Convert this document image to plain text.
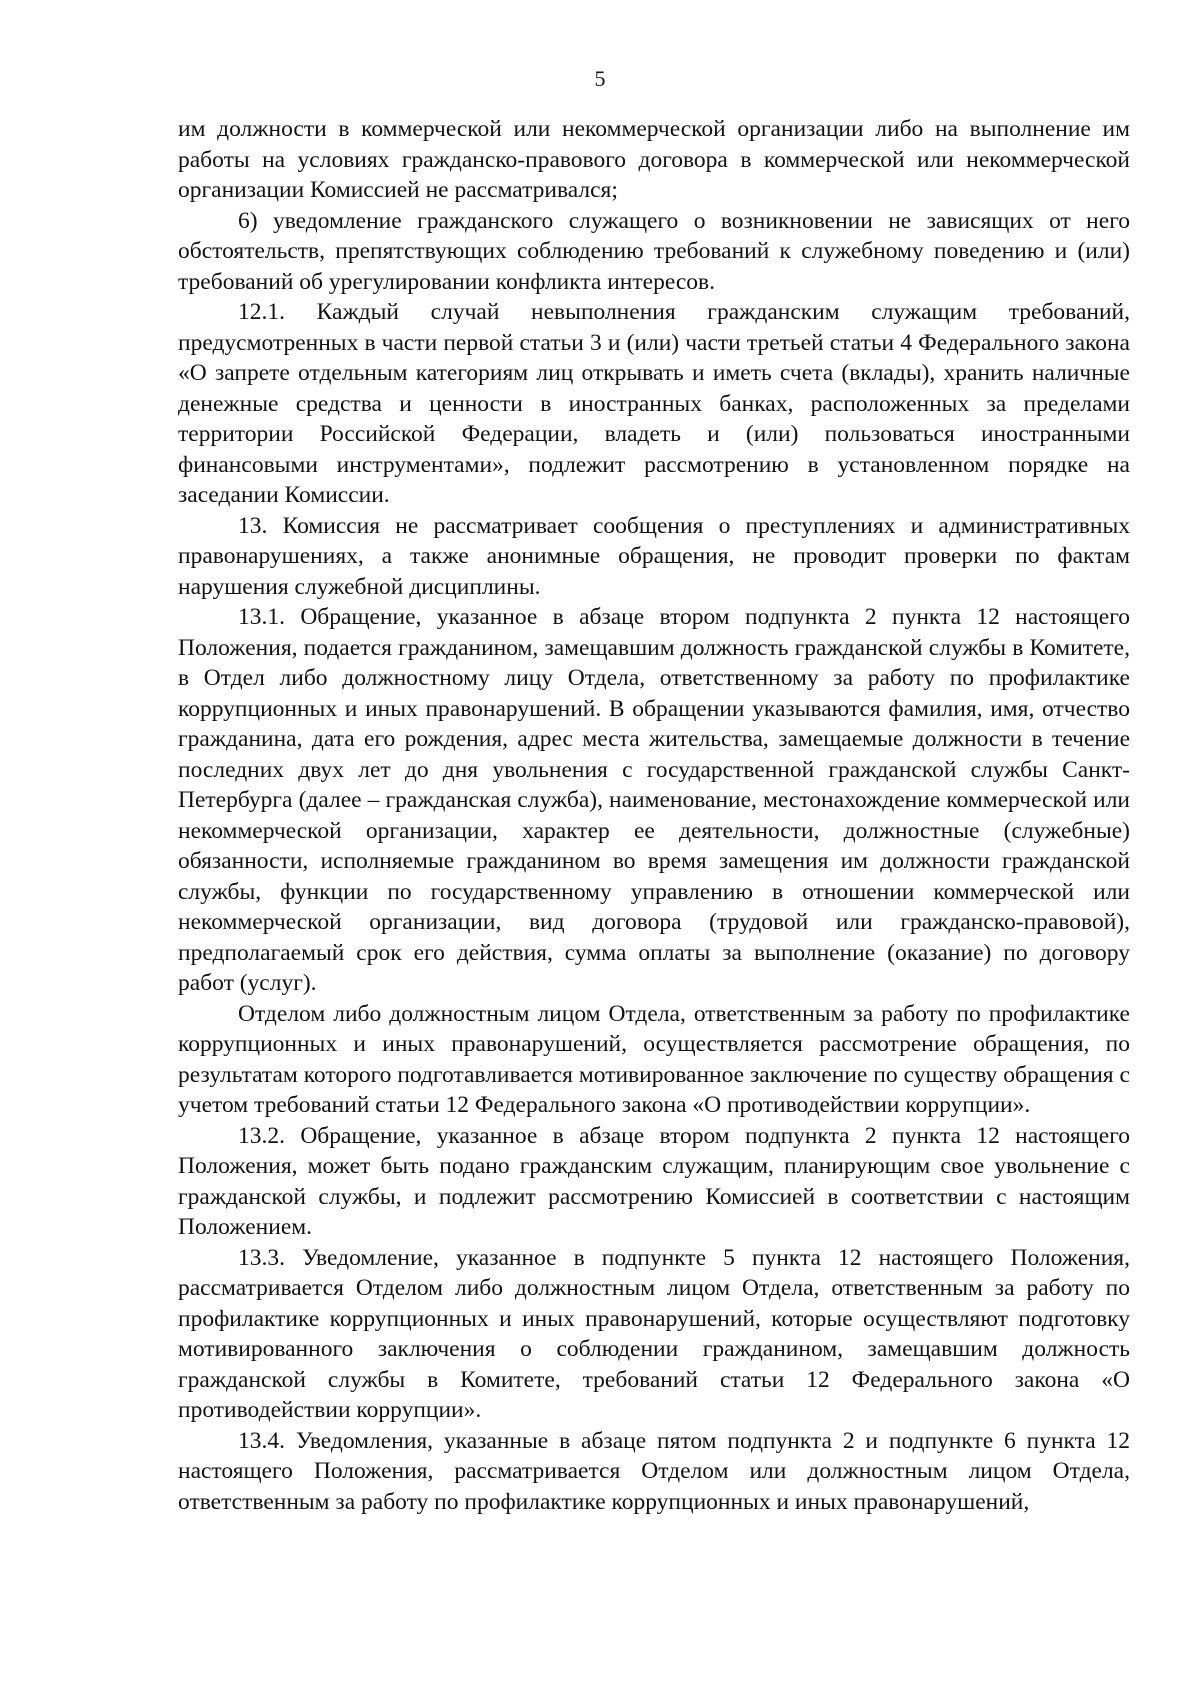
5

им должности в коммерческой или некоммерческой организации либо на выполнение им работы на условиях гражданско-правового договора в коммерческой или некоммерческой организации Комиссией не рассматривался;

6) уведомление гражданского служащего о возникновении не зависящих от него обстоятельств, препятствующих соблюдению требований к служебному поведению и (или) требований об урегулировании конфликта интересов.

12.1. Каждый случай невыполнения гражданским служащим требований, предусмотренных в части первой статьи 3 и (или) части третьей статьи 4 Федерального закона «О запрете отдельным категориям лиц открывать и иметь счета (вклады), хранить наличные денежные средства и ценности в иностранных банках, расположенных за пределами территории Российской Федерации, владеть и (или) пользоваться иностранными финансовыми инструментами», подлежит рассмотрению в установленном порядке на заседании Комиссии.

13. Комиссия не рассматривает сообщения о преступлениях и административных правонарушениях, а также анонимные обращения, не проводит проверки по фактам нарушения служебной дисциплины.

13.1. Обращение, указанное в абзаце втором подпункта 2 пункта 12 настоящего Положения, подается гражданином, замещавшим должность гражданской службы в Комитете, в Отдел либо должностному лицу Отдела, ответственному за работу по профилактике коррупционных и иных правонарушений. В обращении указываются фамилия, имя, отчество гражданина, дата его рождения, адрес места жительства, замещаемые должности в течение последних двух лет до дня увольнения с государственной гражданской службы Санкт-Петербурга (далее – гражданская служба), наименование, местонахождение коммерческой или некоммерческой организации, характер ее деятельности, должностные (служебные) обязанности, исполняемые гражданином во время замещения им должности гражданской службы, функции по государственному управлению в отношении коммерческой или некоммерческой организации, вид договора (трудовой или гражданско-правовой), предполагаемый срок его действия, сумма оплаты за выполнение (оказание) по договору работ (услуг).

Отделом либо должностным лицом Отдела, ответственным за работу по профилактике коррупционных и иных правонарушений, осуществляется рассмотрение обращения, по результатам которого подготавливается мотивированное заключение по существу обращения с учетом требований статьи 12 Федерального закона «О противодействии коррупции».

13.2. Обращение, указанное в абзаце втором подпункта 2 пункта 12 настоящего Положения, может быть подано гражданским служащим, планирующим свое увольнение с гражданской службы, и подлежит рассмотрению Комиссией в соответствии с настоящим Положением.

13.3. Уведомление, указанное в подпункте 5 пункта 12 настоящего Положения, рассматривается Отделом либо должностным лицом Отдела, ответственным за работу по профилактике коррупционных и иных правонарушений, которые осуществляют подготовку мотивированного заключения о соблюдении гражданином, замещавшим должность гражданской службы в Комитете, требований статьи 12 Федерального закона «О противодействии коррупции».

13.4. Уведомления, указанные в абзаце пятом подпункта 2 и подпункте 6 пункта 12 настоящего Положения, рассматривается Отделом или должностным лицом Отдела, ответственным за работу по профилактике коррупционных и иных правонарушений,
